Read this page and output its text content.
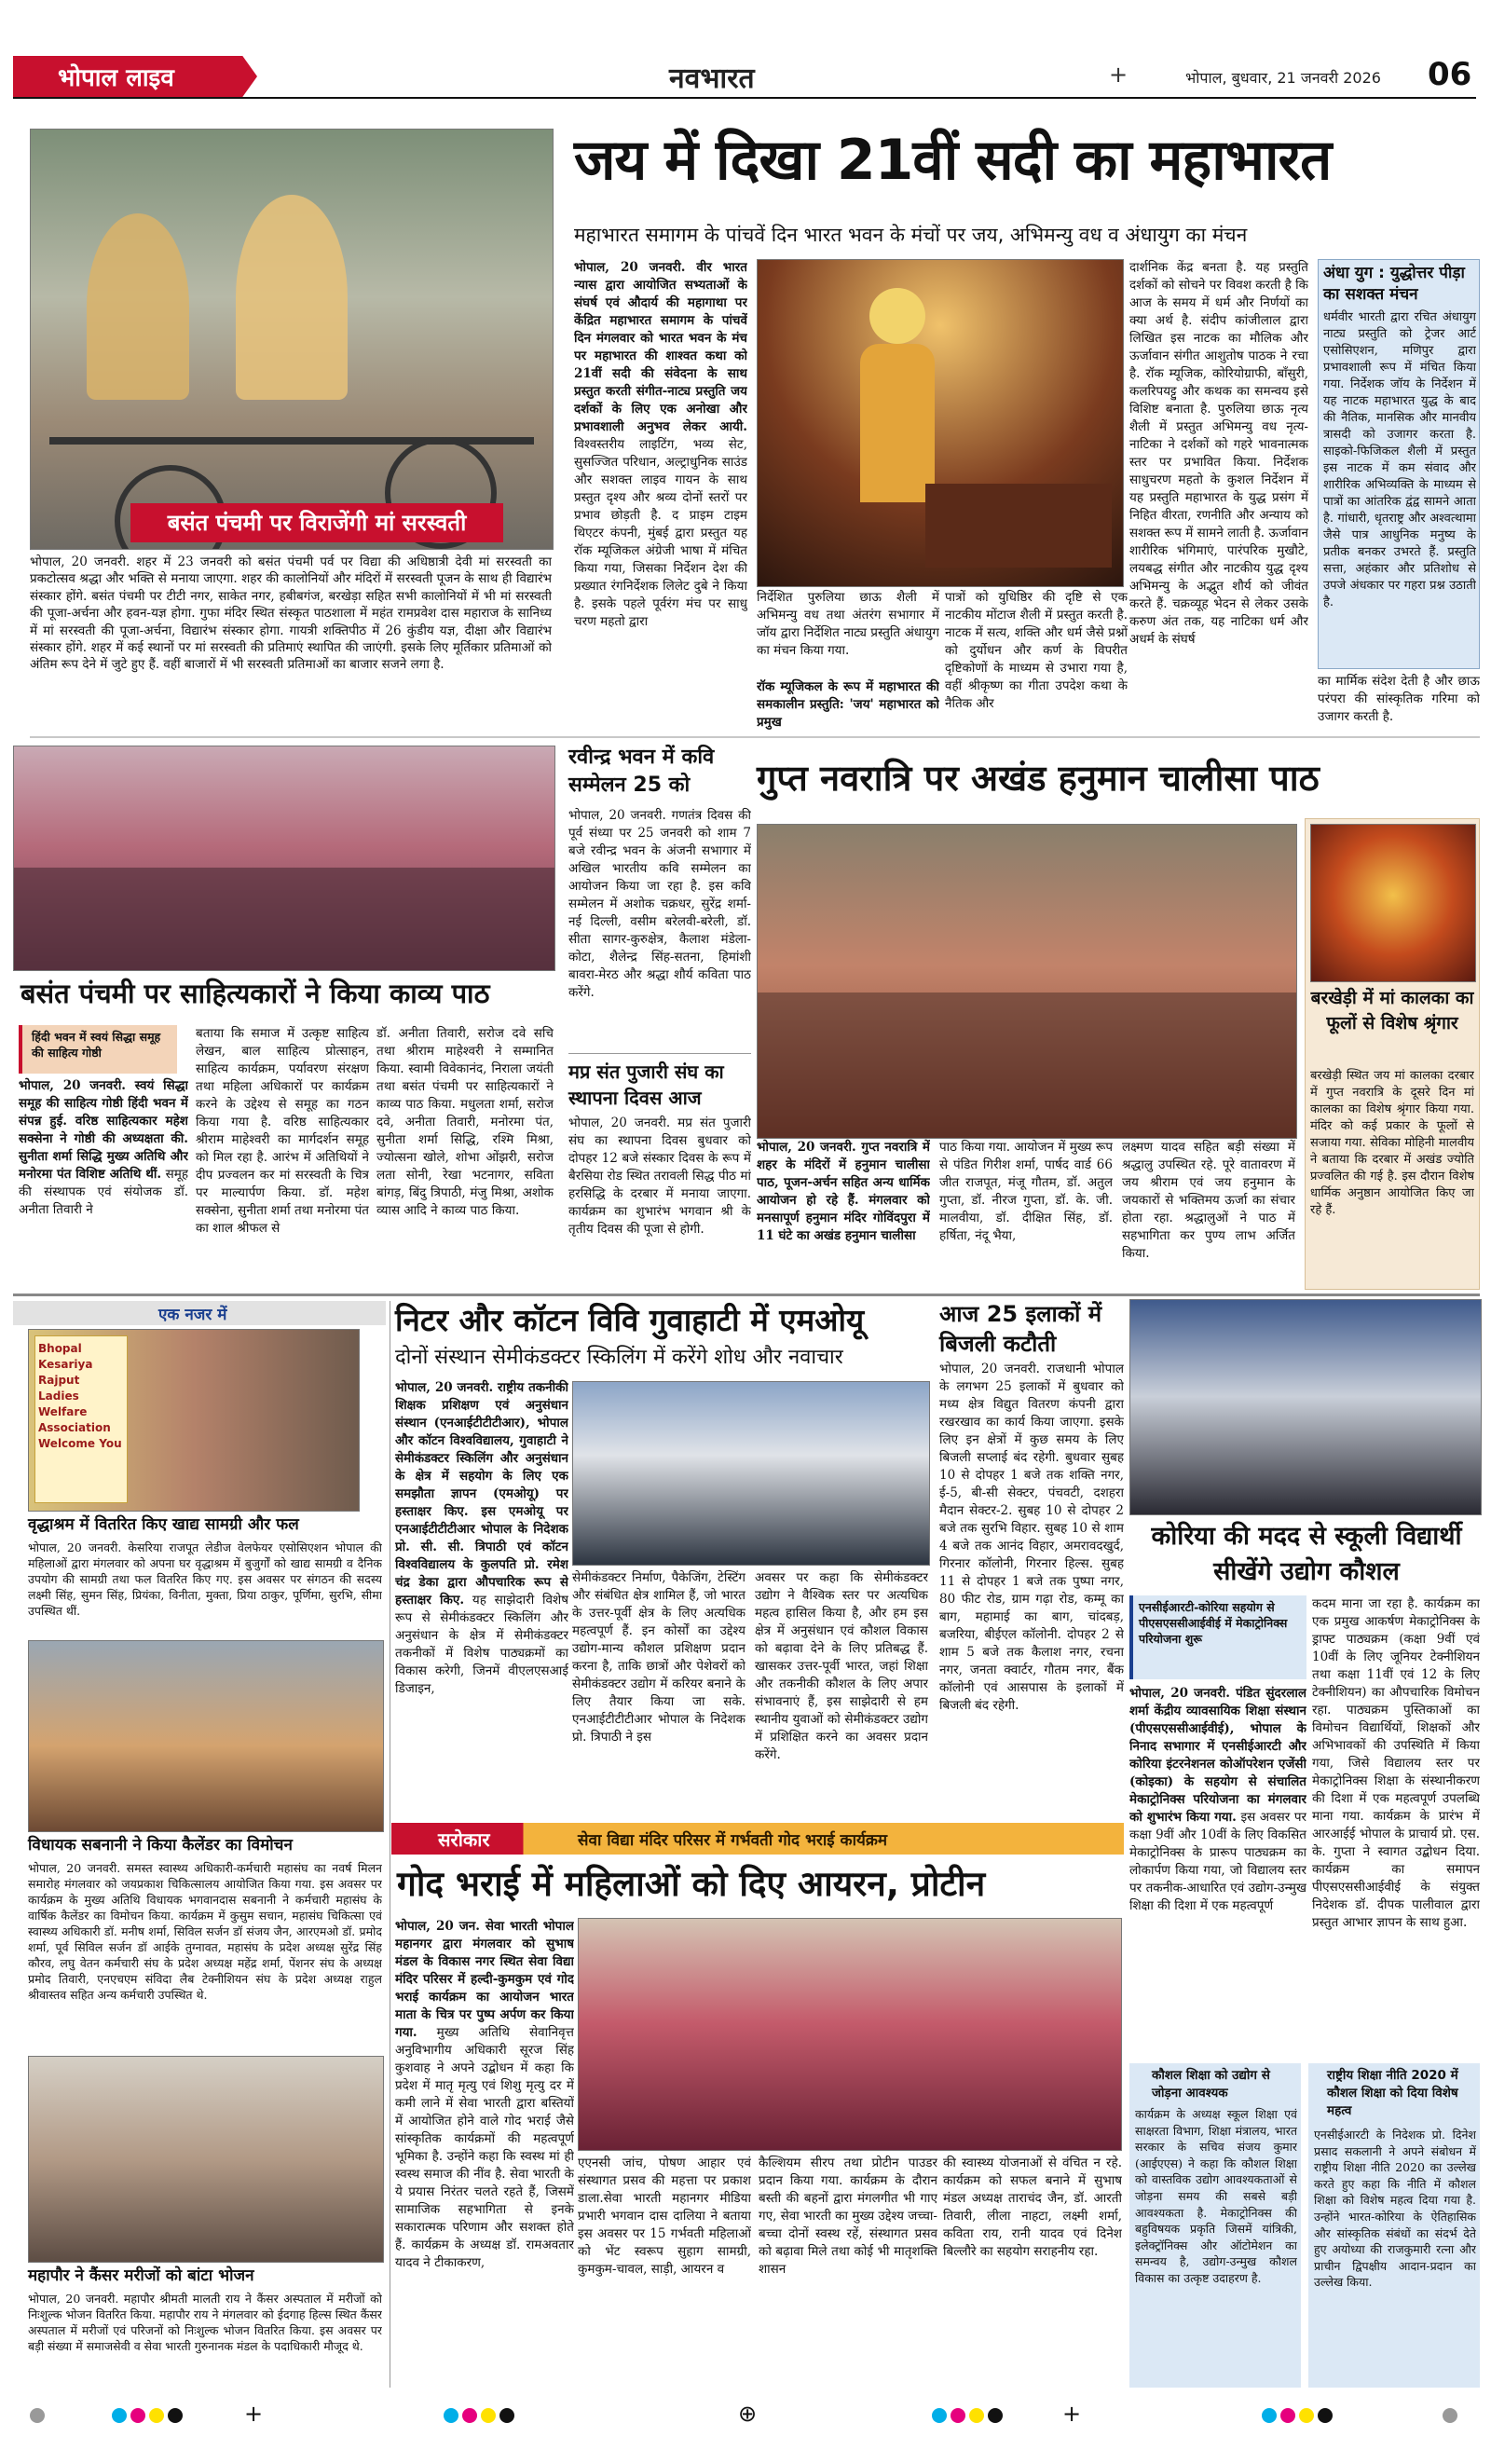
भोपाल लाइव	नवभारत	+	भोपाल, बुधवार, 21 जनवरी 2026 06
बसंत पंचमी पर विराजेंगी मां सरस्वती
भोपाल, 20 जनवरी. शहर में 23 जनवरी को बसंत पंचमी पर्व पर विद्या की अधिष्ठात्री देवी मां सरस्वती का प्रकटोत्सव श्रद्धा और भक्ति से मनाया जाएगा. शहर की कालोनियों और मंदिरों में सरस्वती पूजन के साथ ही विद्यारंभ संस्कार होंगे. बसंत पंचमी पर टीटी नगर, साकेत नगर, हबीबगंज, बरखेड़ा सहित सभी कालोनियों में भी मां सरस्वती की पूजा-अर्चना और हवन-यज्ञ होगा. गुफा मंदिर स्थित संस्कृत पाठशाला में महंत रामप्रवेश दास महाराज के सानिध्य में मां सरस्वती की पूजा-अर्चना, विद्यारंभ संस्कार होगा. गायत्री शक्तिपीठ में 26 कुंडीय यज्ञ, दीक्षा और विद्यारंभ संस्कार होंगे. शहर में कई स्थानों पर मां सरस्वती की प्रतिमाएं स्थापित की जाएंगी. इसके लिए मूर्तिकार प्रतिमाओं को अंतिम रूप देने में जुटे हुए हैं. वहीं बाजारों में भी सरस्वती प्रतिमाओं का बाजार सजने लगा है.
जय में दिखा 21वीं सदी का महाभारत
महाभारत समागम के पांचवें दिन भारत भवन के मंचों पर जय, अभिमन्यु वध व अंधायुग का मंचन
भोपाल, 20 जनवरी. वीर भारत न्यास द्वारा आयोजित सभ्यताओं के संघर्ष एवं औदार्य की महागाथा पर केंद्रित महाभारत समागम के पांचवें दिन मंगलवार को भारत भवन के मंच पर महाभारत की शाश्वत कथा को 21वीं सदी की संवेदना के साथ प्रस्तुत करती संगीत-नाट्य प्रस्तुति जय दर्शकों के लिए एक अनोखा और प्रभावशाली अनुभव लेकर आयी. विश्वस्तरीय लाइटिंग, भव्य सेट, सुसज्जित परिधान, अल्ट्राधुनिक साउंड और सशक्त लाइव गायन के साथ प्रस्तुत दृश्य और श्रव्य दोनों स्तरों पर प्रभाव छोड़ती है. द प्राइम टाइम थिएटर कंपनी, मुंबई द्वारा प्रस्तुत यह रॉक म्यूजिकल अंग्रेजी भाषा में मंचित किया गया, जिसका निर्देशन देश की प्रख्यात रंगनिर्देशक लिलेट दुबे ने किया है. इसके पहले पूर्वरंग मंच पर साधु चरण महतो द्वारा
निर्देशित पुरुलिया छाऊ शैली में अभिमन्यु वध तथा अंतरंग सभागार में जॉय द्वारा निर्देशित नाट्य प्रस्तुति अंधायुग का मंचन किया गया.
रॉक म्यूजिकल के रूप में महाभारत की समकालीन प्रस्तुति: 'जय' महाभारत को प्रमुख
पात्रों को युधिष्ठिर की दृष्टि से एक नाटकीय मोंटाज शैली में प्रस्तुत करती है. नाटक में सत्य, शक्ति और धर्म जैसे प्रश्नों को दुर्योधन और कर्ण के विपरीत दृष्टिकोणों के माध्यम से उभारा गया है, वहीं श्रीकृष्ण का गीता उपदेश कथा के नैतिक और
दार्शनिक केंद्र बनता है. यह प्रस्तुति दर्शकों को सोचने पर विवश करती है कि आज के समय में धर्म और निर्णयों का क्या अर्थ है. संदीप कांजीलाल द्वारा लिखित इस नाटक का मौलिक और ऊर्जावान संगीत आशुतोष पाठक ने रचा है. रॉक म्यूजिक, कोरियोग्राफी, बाँसुरी, कलरिपयट्टु और कथक का समन्वय इसे विशिष्ट बनाता है. पुरुलिया छाऊ नृत्य शैली में प्रस्तुत अभिमन्यु वध नृत्य-नाटिका ने दर्शकों को गहरे भावनात्मक स्तर पर प्रभावित किया. निर्देशक साधुचरण महतो के कुशल निर्देशन में यह प्रस्तुति महाभारत के युद्ध प्रसंग में निहित वीरता, रणनीति और अन्याय को सशक्त रूप में सामने लाती है. ऊर्जावान शारीरिक भंगिमाएं, पारंपरिक मुखौटे, लयबद्ध संगीत और नाटकीय युद्ध दृश्य अभिमन्यु के अद्भुत शौर्य को जीवंत करते हैं. चक्रव्यूह भेदन से लेकर उसके करुण अंत तक, यह नाटिका धर्म और अधर्म के संघर्ष
अंधा युग : युद्धोत्तर पीड़ा का सशक्त मंचन
धर्मवीर भारती द्वारा रचित अंधायुग नाट्य प्रस्तुति को ट्रेजर आर्ट एसोसिएशन, मणिपुर द्वारा प्रभावशाली रूप में मंचित किया गया. निर्देशक जॉय के निर्देशन में यह नाटक महाभारत युद्ध के बाद की नैतिक, मानसिक और मानवीय त्रासदी को उजागर करता है. साइको-फिजिकल शैली में प्रस्तुत इस नाटक में कम संवाद और शारीरिक अभिव्यक्ति के माध्यम से पात्रों का आंतरिक द्वंद्व सामने आता है. गांधारी, धृतराष्ट्र और अश्वत्थामा जैसे पात्र आधुनिक मनुष्य के प्रतीक बनकर उभरते हैं. प्रस्तुति सत्ता, अहंकार और प्रतिशोध से उपजे अंधकार पर गहरा प्रश्न उठाती है.
का मार्मिक संदेश देती है और छाऊ परंपरा की सांस्कृतिक गरिमा को उजागर करती है.
बसंत पंचमी पर साहित्यकारों ने किया काव्य पाठ
हिंदी भवन में स्वयं सिद्धा समूह की साहित्य गोष्ठी
भोपाल, 20 जनवरी. स्वयं सिद्धा समूह की साहित्य गोष्ठी हिंदी भवन में संपन्न हुई. वरिष्ठ साहित्यकार महेश सक्सेना ने गोष्ठी की अध्यक्षता की. सुनीता शर्मा सिद्धि मुख्य अतिथि और मनोरमा पंत विशिष्ट अतिथि थीं. समूह की संस्थापक एवं संयोजक डॉ. अनीता तिवारी ने
बताया कि समाज में उत्कृष्ट साहित्य लेखन, बाल साहित्य प्रोत्साहन, साहित्य कार्यक्रम, पर्यावरण संरक्षण तथा महिला अधिकारों पर कार्यक्रम करने के उद्देश्य से समूह का गठन किया गया है. वरिष्ठ साहित्यकार श्रीराम माहेश्वरी का मार्गदर्शन समूह को मिल रहा है. आरंभ में अतिथियों ने दीप प्रज्वलन कर मां सरस्वती के चित्र पर माल्यार्पण किया. डॉ. महेश सक्सेना, सुनीता शर्मा तथा मनोरमा पंत का शाल श्रीफल से
डॉ. अनीता तिवारी, सरोज दवे सचि तथा श्रीराम माहेश्वरी ने सम्मानित किया. स्वामी विवेकानंद, निराला जयंती तथा बसंत पंचमी पर साहित्यकारों ने काव्य पाठ किया. मधुलता शर्मा, सरोज दवे, अनीता तिवारी, मनोरमा पंत, सुनीता शर्मा सिद्धि, रश्मि मिश्रा, ज्योत्सना खोले, शोभा ओंझरी, सरोज लता सोनी, रेखा भटनागर, सविता बांगड़, बिंदु त्रिपाठी, मंजु मिश्रा, अशोक व्यास आदि ने काव्य पाठ किया.
रवीन्द्र भवन में कवि सम्मेलन 25 को
भोपाल, 20 जनवरी. गणतंत्र दिवस की पूर्व संध्या पर 25 जनवरी को शाम 7 बजे रवीन्द्र भवन के अंजनी सभागार में अखिल भारतीय कवि सम्मेलन का आयोजन किया जा रहा है. इस कवि सम्मेलन में अशोक चक्रधर, सुरेंद्र शर्मा-नई दिल्ली, वसीम बरेलवी-बरेली, डॉ. सीता सागर-कुरुक्षेत्र, कैलाश मंडेला-कोटा, शैलेन्द्र सिंह-सतना, हिमांशी बावरा-मेरठ और श्रद्धा शौर्य कविता पाठ करेंगे.
मप्र संत पुजारी संघ का स्थापना दिवस आज
भोपाल, 20 जनवरी. मप्र संत पुजारी संघ का स्थापना दिवस बुधवार को दोपहर 12 बजे संस्कार दिवस के रूप में बैरसिया रोड स्थित तरावली सिद्ध पीठ मां हरसिद्धि के दरबार में मनाया जाएगा. कार्यक्रम का शुभारंभ भगवान श्री के तृतीय दिवस की पूजा से होगी.
गुप्त नवरात्रि पर अखंड हनुमान चालीसा पाठ
भोपाल, 20 जनवरी. गुप्त नवरात्रि में शहर के मंदिरों में हनुमान चालीसा पाठ, पूजन-अर्चन सहित अन्य धार्मिक आयोजन हो रहे हैं. मंगलवार को मनसापूर्ण हनुमान मंदिर गोविंदपुरा में 11 घंटे का अखंड हनुमान चालीसा
पाठ किया गया. आयोजन में मुख्य रूप से पंडित गिरीश शर्मा, पार्षद वार्ड 66 जीत राजपूत, मंजू गौतम, डॉ. अतुल गुप्ता, डॉ. नीरज गुप्ता, डॉ. के. जी. मालवीया, डॉ. दीक्षित सिंह, डॉ. हर्षिता, नंदू भैया,
लक्ष्मण यादव सहित बड़ी संख्या में श्रद्धालु उपस्थित रहे. पूरे वातावरण में जय श्रीराम एवं जय हनुमान के जयकारों से भक्तिमय ऊर्जा का संचार होता रहा. श्रद्धालुओं ने पाठ में सहभागिता कर पुण्य लाभ अर्जित किया.
बरखेड़ी में मां कालका का फूलों से विशेष श्रृंगार
बरखेड़ी स्थित जय मां कालका दरबार में गुप्त नवरात्रि के दूसरे दिन मां कालका का विशेष श्रृंगार किया गया. मंदिर को कई प्रकार के फूलों से सजाया गया. सेविका मोहिनी मालवीय ने बताया कि दरबार में अखंड ज्योति प्रज्वलित की गई है. इस दौरान विशेष धार्मिक अनुष्ठान आयोजित किए जा रहे हैं.
एक नजर में
Bhopal Kesariya Rajput Ladies Welfare Association Welcome You
वृद्धाश्रम में वितरित किए खाद्य सामग्री और फल
भोपाल, 20 जनवरी. केसरिया राजपूत लेडीज वेलफेयर एसोसिएशन भोपाल की महिलाओं द्वारा मंगलवार को अपना घर वृद्धाश्रम में बुजुर्गों को खाद्य सामग्री व दैनिक उपयोग की सामग्री तथा फल वितरित किए गए. इस अवसर पर संगठन की सदस्य लक्ष्मी सिंह, सुमन सिंह, प्रियंका, विनीता, मुक्ता, प्रिया ठाकुर, पूर्णिमा, सुरभि, सीमा उपस्थित थीं.
विधायक सबनानी ने किया कैलेंडर का विमोचन
भोपाल, 20 जनवरी. समस्त स्वास्थ्य अधिकारी-कर्मचारी महासंघ का नवर्ष मिलन समारोह मंगलवार को जयप्रकाश चिकित्सालय आयोजित किया गया. इस अवसर पर कार्यक्रम के मुख्य अतिथि विधायक भगवानदास सबनानी ने कर्मचारी महासंघ के वार्षिक कैलेंडर का विमोचन किया. कार्यक्रम में कुसुम सचान, महासंघ चिकित्सा एवं स्वास्थ्य अधिकारी डॉ. मनीष शर्मा, सिविल सर्जन डॉ संजय जैन, आरएमओ डॉ. प्रमोद शर्मा, पूर्व सिविल सर्जन डॉ आईके तुग्नावत, महासंघ के प्रदेश अध्यक्ष सुरेंद्र सिंह कौरव, लघु वेतन कर्मचारी संघ के प्रदेश अध्यक्ष महेंद्र शर्मा, पेंशनर संघ के अध्यक्ष प्रमोद तिवारी, एनएचएम संविदा लैब टेक्नीशियन संघ के प्रदेश अध्यक्ष राहुल श्रीवास्तव सहित अन्य कर्मचारी उपस्थित थे.
महापौर ने कैंसर मरीजों को बांटा भोजन
भोपाल, 20 जनवरी. महापौर श्रीमती मालती राय ने कैंसर अस्पताल में मरीजों को निःशुल्क भोजन वितरित किया. महापौर राय ने मंगलवार को ईदगाह हिल्स स्थित कैंसर अस्पताल में मरीजों एवं परिजनों को निःशुल्क भोजन वितरित किया. इस अवसर पर बड़ी संख्या में समाजसेवी व सेवा भारती गुरुनानक मंडल के पदाधिकारी मौजूद थे.
निटर और कॉटन विवि गुवाहाटी में एमओयू
दोनों संस्थान सेमीकंडक्टर स्किलिंग में करेंगे शोध और नवाचार
भोपाल, 20 जनवरी. राष्ट्रीय तकनीकी शिक्षक प्रशिक्षण एवं अनुसंधान संस्थान (एनआईटीटीटीआर), भोपाल और कॉटन विश्वविद्यालय, गुवाहाटी ने सेमीकंडक्टर स्किलिंग और अनुसंधान के क्षेत्र में सहयोग के लिए एक समझौता ज्ञापन (एमओयू) पर हस्ताक्षर किए. इस एमओयू पर एनआईटीटीटीआर भोपाल के निदेशक प्रो. सी. सी. त्रिपाठी एवं कॉटन विश्वविद्यालय के कुलपति प्रो. रमेश चंद्र डेका द्वारा औपचारिक रूप से हस्ताक्षर किए. यह साझेदारी विशेष रूप से सेमीकंडक्टर स्किलिंग और अनुसंधान के क्षेत्र में सेमीकंडक्टर तकनीकों में विशेष पाठ्यक्रमों का विकास करेगी, जिनमें वीएलएसआई डिजाइन,
सेमीकंडक्टर निर्माण, पैकेजिंग, टेस्टिंग और संबंधित क्षेत्र शामिल हैं, जो भारत के उत्तर-पूर्वी क्षेत्र के लिए अत्यधिक महत्वपूर्ण हैं. इन कोर्सों का उद्देश्य उद्योग-मान्य कौशल प्रशिक्षण प्रदान करना है, ताकि छात्रों और पेशेवरों को सेमीकंडक्टर उद्योग में करियर बनाने के लिए तैयार किया जा सके. एनआईटीटीटीआर भोपाल के निदेशक प्रो. त्रिपाठी ने इस
अवसर पर कहा कि सेमीकंडक्टर उद्योग ने वैश्विक स्तर पर अत्यधिक महत्व हासिल किया है, और हम इस क्षेत्र में अनुसंधान एवं कौशल विकास को बढ़ावा देने के लिए प्रतिबद्ध हैं. खासकर उत्तर-पूर्वी भारत, जहां शिक्षा और तकनीकी कौशल के लिए अपार संभावनाएं हैं, इस साझेदारी से हम स्थानीय युवाओं को सेमीकंडक्टर उद्योग में प्रशिक्षित करने का अवसर प्रदान करेंगे.
आज 25 इलाकों में बिजली कटौती
भोपाल, 20 जनवरी. राजधानी भोपाल के लगभग 25 इलाकों में बुधवार को मध्य क्षेत्र विद्युत वितरण कंपनी द्वारा रखरखाव का कार्य किया जाएगा. इसके लिए इन क्षेत्रों में कुछ समय के लिए बिजली सप्लाई बंद रहेगी. बुधवार सुबह 10 से दोपहर 1 बजे तक शक्ति नगर, ई-5, बी-सी सेक्टर, पंचवटी, दशहरा मैदान सेक्टर-2. सुबह 10 से दोपहर 2 बजे तक सुरभि विहार. सुबह 10 से शाम 4 बजे तक आनंद विहार, अमरावदखुर्द, गिरनार कॉलोनी, गिरनार हिल्स. सुबह 11 से दोपहर 1 बजे तक पुष्पा नगर, 80 फीट रोड, ग्राम गढ़ा रोड, कम्मू का बाग, महामाई का बाग, चांदबड़, बजरिया, बीईएल कॉलोनी. दोपहर 2 से शाम 5 बजे तक कैलाश नगर, रचना नगर, जनता क्वार्टर, गौतम नगर, बैंक कॉलोनी एवं आसपास के इलाकों में बिजली बंद रहेगी.
कोरिया की मदद से स्कूली विद्यार्थी सीखेंगे उद्योग कौशल
एनसीईआरटी-कोरिया सहयोग से पीएसएससीआईवीई में मेकाट्रोनिक्स परियोजना शुरू
भोपाल, 20 जनवरी. पंडित सुंदरलाल शर्मा केंद्रीय व्यावसायिक शिक्षा संस्थान (पीएसएससीआईवीई), भोपाल के निनाद सभागार में एनसीईआरटी और कोरिया इंटरनेशनल कोऑपरेशन एजेंसी (कोइका) के सहयोग से संचालित मेकाट्रोनिक्स परियोजना का मंगलवार को शुभारंभ किया गया. इस अवसर पर कक्षा 9वीं और 10वीं के लिए विकसित मेकाट्रोनिक्स के प्रारूप पाठ्यक्रम का लोकार्पण किया गया, जो विद्यालय स्तर पर तकनीक-आधारित एवं उद्योग-उन्मुख शिक्षा की दिशा में एक महत्वपूर्ण
कदम माना जा रहा है. कार्यक्रम का एक प्रमुख आकर्षण मेकाट्रोनिक्स के ड्राफ्ट पाठ्यक्रम (कक्षा 9वीं एवं 10वीं के लिए जूनियर टेक्नीशियन तथा कक्षा 11वीं एवं 12 के लिए टेक्नीशियन) का औपचारिक विमोचन रहा. पाठ्यक्रम पुस्तिकाओं का विमोचन विद्यार्थियों, शिक्षकों और अभिभावकों की उपस्थिति में किया गया, जिसे विद्यालय स्तर पर मेकाट्रोनिक्स शिक्षा के संस्थानीकरण की दिशा में एक महत्वपूर्ण उपलब्धि माना गया. कार्यक्रम के प्रारंभ में आरआईई भोपाल के प्राचार्य प्रो. एस. के. गुप्ता ने स्वागत उद्बोधन दिया. कार्यक्रम का समापन पीएसएससीआईवीई के संयुक्त निदेशक डॉ. दीपक पालीवाल द्वारा प्रस्तुत आभार ज्ञापन के साथ हुआ.
कौशल शिक्षा को उद्योग से जोड़ना आवश्यक
कार्यक्रम के अध्यक्ष स्कूल शिक्षा एवं साक्षरता विभाग, शिक्षा मंत्रालय, भारत सरकार के सचिव संजय कुमार (आईएएस) ने कहा कि कौशल शिक्षा को वास्तविक उद्योग आवश्यकताओं से जोड़ना समय की सबसे बड़ी आवश्यकता है. मेकाट्रोनिक्स की बहुविषयक प्रकृति जिसमें यांत्रिकी, इलेक्ट्रॉनिक्स और ऑटोमेशन का समन्वय है, उद्योग-उन्मुख कौशल विकास का उत्कृष्ट उदाहरण है.
राष्ट्रीय शिक्षा नीति 2020 में कौशल शिक्षा को दिया विशेष महत्व
एनसीईआरटी के निदेशक प्रो. दिनेश प्रसाद सकलानी ने अपने संबोधन में राष्ट्रीय शिक्षा नीति 2020 का उल्लेख करते हुए कहा कि नीति में कौशल शिक्षा को विशेष महत्व दिया गया है. उन्होंने भारत-कोरिया के ऐतिहासिक और सांस्कृतिक संबंधों का संदर्भ देते हुए अयोध्या की राजकुमारी रत्ना और प्राचीन द्विपक्षीय आदान-प्रदान का उल्लेख किया.
सरोकार	सेवा विद्या मंदिर परिसर में गर्भवती गोद भराई कार्यक्रम
गोद भराई में महिलाओं को दिए आयरन, प्रोटीन
भोपाल, 20 जन. सेवा भारती भोपाल महानगर द्वारा मंगलवार को सुभाष मंडल के विकास नगर स्थित सेवा विद्या मंदिर परिसर में हल्दी-कुमकुम एवं गोद भराई कार्यक्रम का आयोजन भारत माता के चित्र पर पुष्प अर्पण कर किया गया. मुख्य अतिथि सेवानिवृत्त अनुविभागीय अधिकारी सूरज सिंह कुशवाह ने अपने उद्बोधन में कहा कि प्रदेश में मातृ मृत्यु एवं शिशु मृत्यु दर में कमी लाने में सेवा भारती द्वारा बस्तियों में आयोजित होने वाले गोद भराई जैसे सांस्कृतिक कार्यक्रमों की महत्वपूर्ण भूमिका है. उन्होंने कहा कि स्वस्थ मां ही स्वस्थ समाज की नींव है. सेवा भारती के ये प्रयास निरंतर चलते रहते हैं, जिसमें सामाजिक सहभागिता से इनके सकारात्मक परिणाम और सशक्त होते हैं. कार्यक्रम के अध्यक्ष डॉ. रामअवतार यादव ने टीकाकरण,
एएनसी जांच, पोषण आहार एवं संस्थागत प्रसव की महत्ता पर प्रकाश डाला.सेवा भारती महानगर मीडिया प्रभारी भगवान दास दालिया ने बताया इस अवसर पर 15 गर्भवती महिलाओं को भेंट स्वरूप सुहाग सामग्री, कुमकुम-चावल, साड़ी, आयरन व
कैल्शियम सीरप तथा प्रोटीन पाउडर प्रदान किया गया. कार्यक्रम के दौरान बस्ती की बहनों द्वारा मंगलगीत भी गाए गए, सेवा भारती का मुख्य उद्देश्य जच्चा-बच्चा दोनों स्वस्थ रहें, संस्थागत प्रसव को बढ़ावा मिले तथा कोई भी मातृशक्ति शासन
की स्वास्थ्य योजनाओं से वंचित न रहे. कार्यक्रम को सफल बनाने में सुभाष मंडल अध्यक्ष ताराचंद जैन, डॉ. आरती तिवारी, लीला नाहटा, लक्ष्मी शर्मा, कविता राय, रानी यादव एवं दिनेश बिल्लौरे का सहयोग सराहनीय रहा.
+	⊕	+
